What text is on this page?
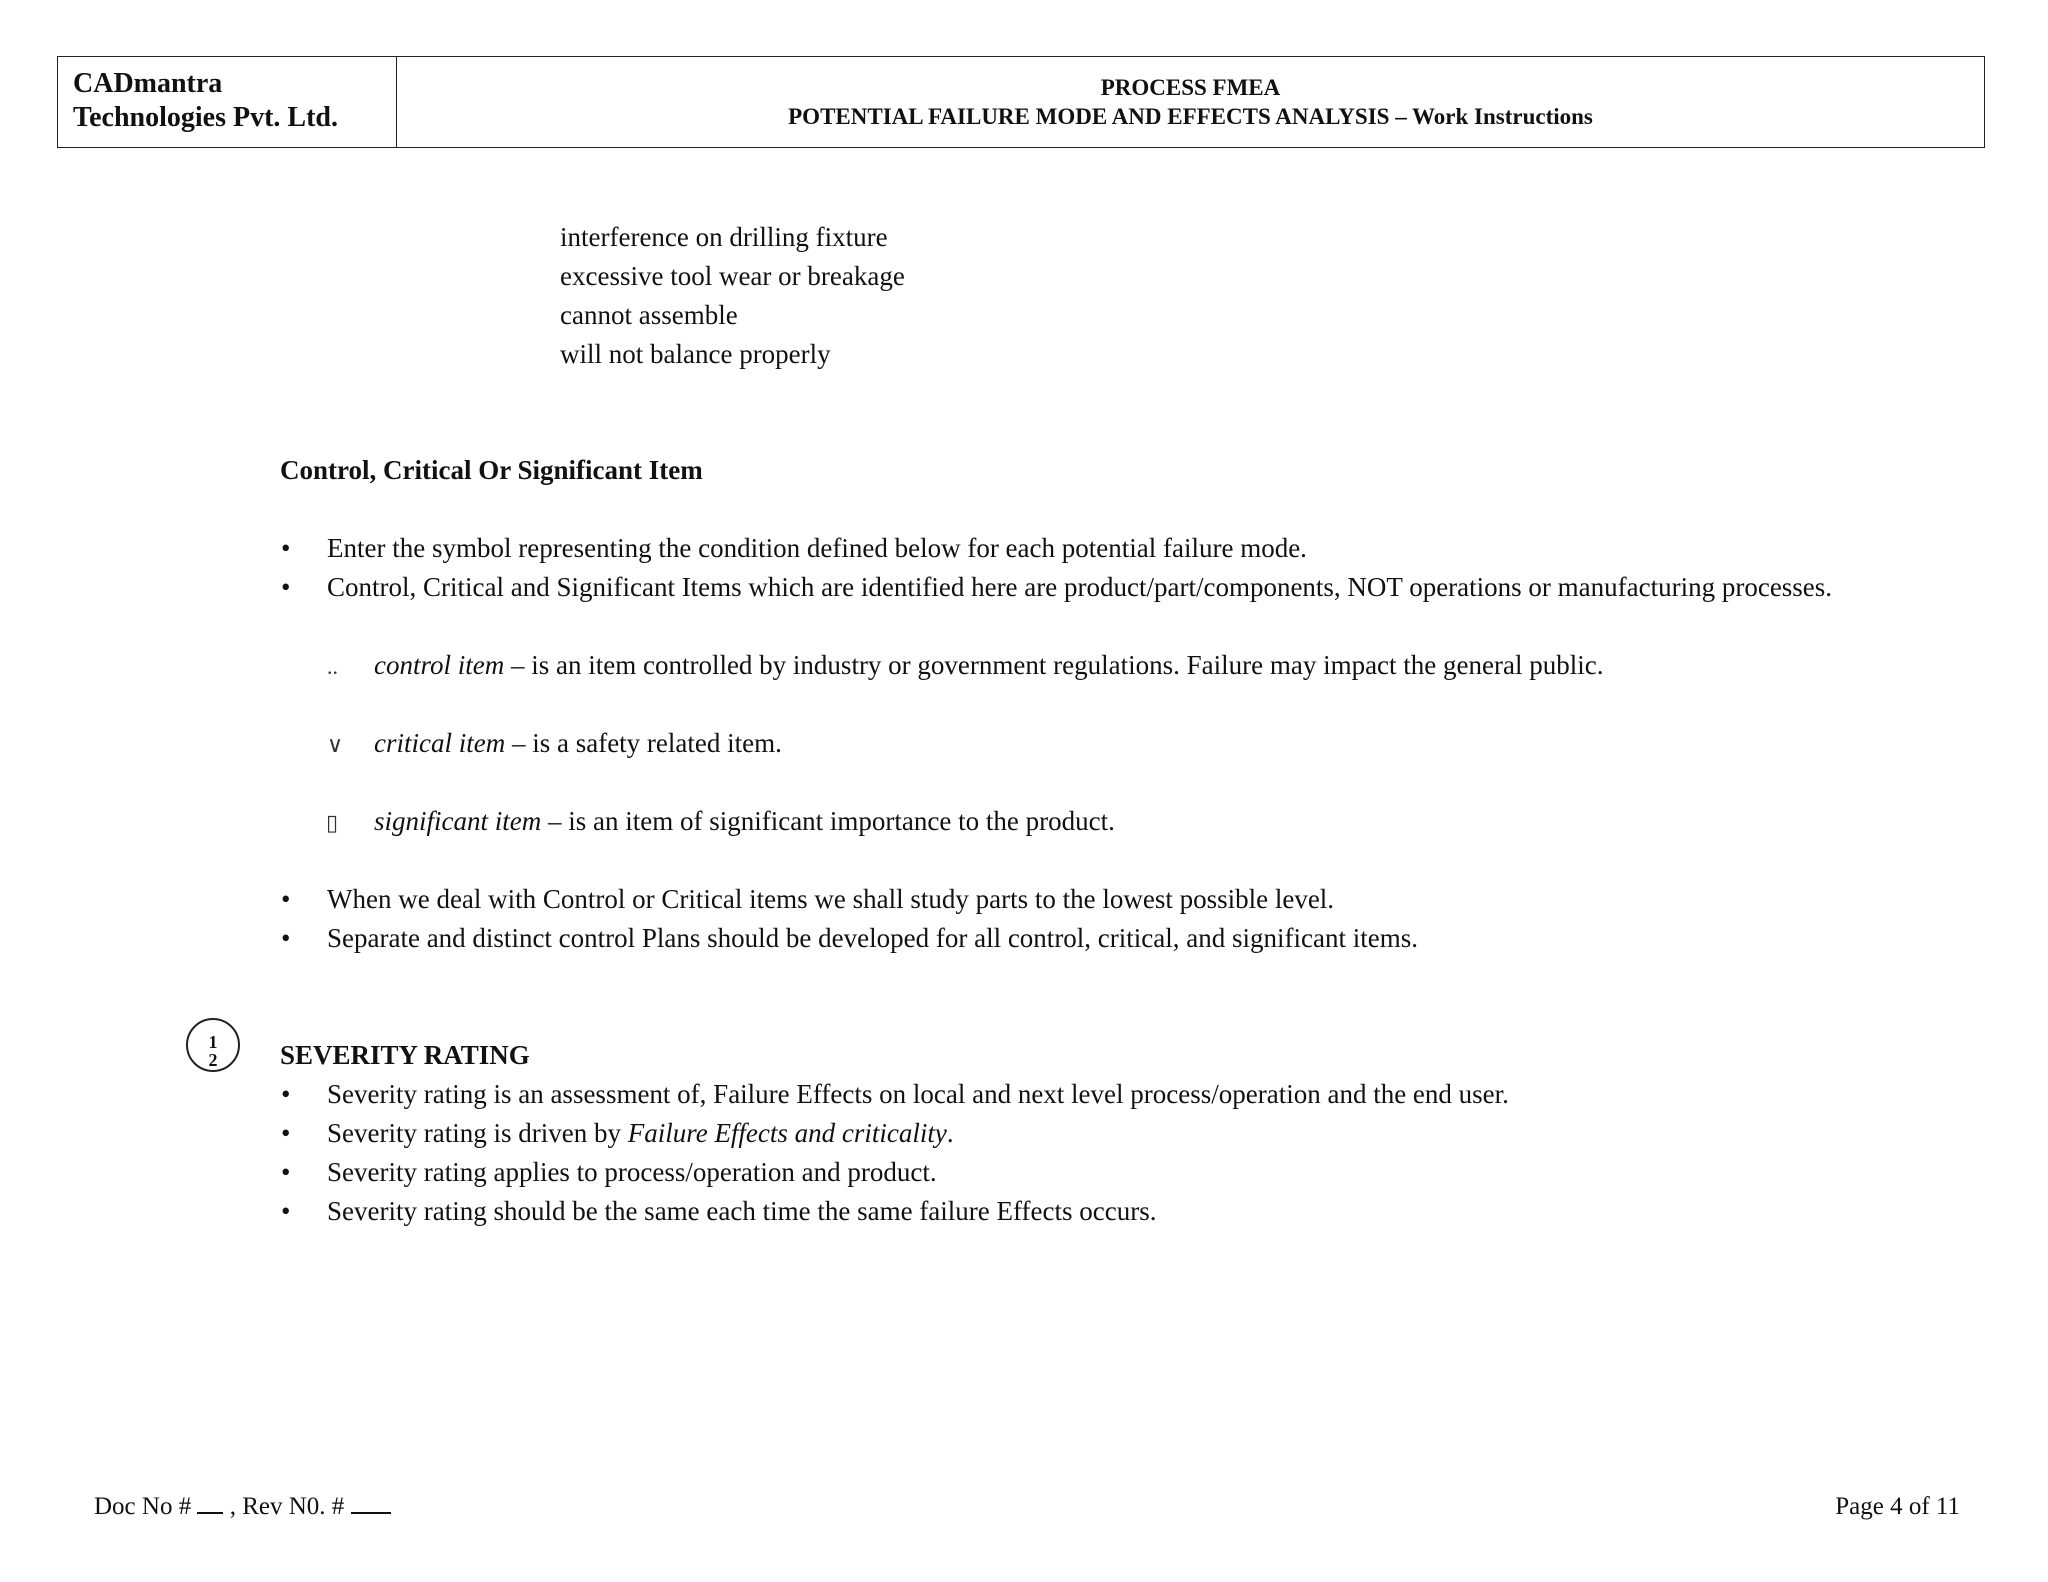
CADmantra
Technologies Pvt. Ltd.
PROCESS FMEA
POTENTIAL FAILURE MODE AND EFFECTS ANALYSIS – Work Instructions
interference on drilling fixture
excessive tool wear or breakage
cannot assemble
will not balance properly
Control, Critical Or Significant Item
• Enter the symbol representing the condition defined below for each potential failure mode.
• Control, Critical and Significant Items which are identified here are product/part/components, NOT operations or manufacturing processes.
.. control item – is an item controlled by industry or government regulations. Failure may impact the general public.
∨ critical item – is a safety related item.
▯ significant item – is an item of significant importance to the product.
• When we deal with Control or Critical items we shall study parts to the lowest possible level.
• Separate and distinct control Plans should be developed for all control, critical, and significant items.
1
2	SEVERITY RATING
• Severity rating is an assessment of, Failure Effects on local and next level process/operation and the end user.
• Severity rating is driven by Failure Effects and criticality.
• Severity rating applies to process/operation and product.
• Severity rating should be the same each time the same failure Effects occurs.
Doc No #  , Rev N0. #	Page 4 of 11
